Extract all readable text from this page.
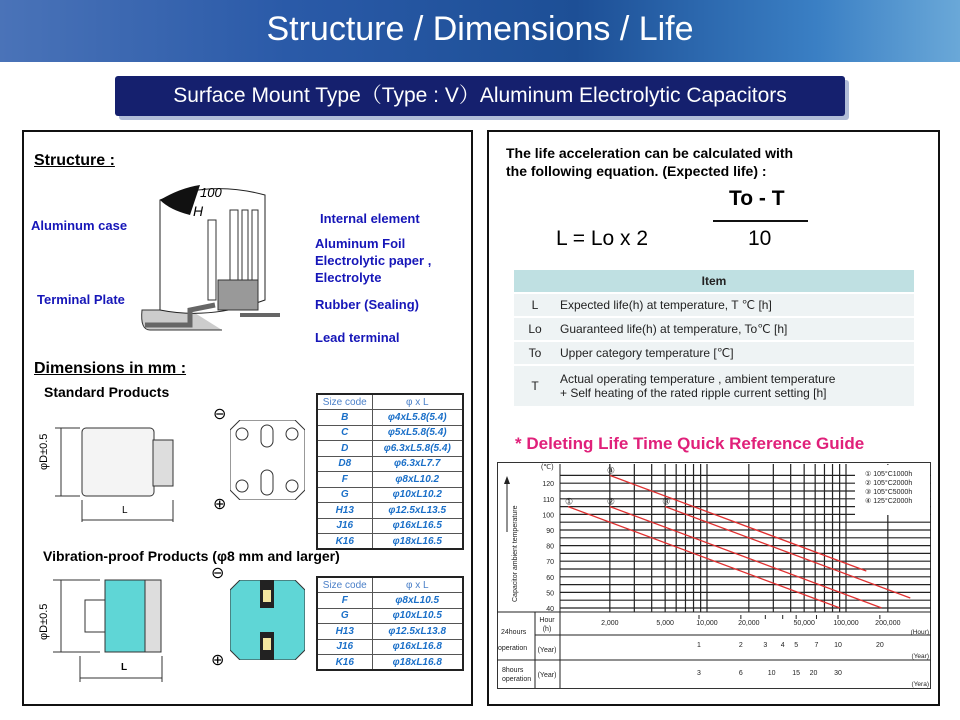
Structure / Dimensions / Life
Surface Mount Type（Type : V）Aluminum Electrolytic Capacitors
Structure :
100
H
Aluminum case	Internal element
Aluminum Foil
Electrolytic paper ,
Electrolyte
Terminal Plate	Rubber (Sealing)
Lead terminal
Dimensions in mm :
Standard Products
φD±0.5
L
⊖
⊕
Size code	φ x L
B	φ4xL5.8(5.4)
C	φ5xL5.8(5.4)
D	φ6.3xL5.8(5.4)
D8	φ6.3xL7.7
F	φ8xL10.2
G	φ10xL10.2
H13	φ12.5xL13.5
J16	φ16xL16.5
K16	φ18xL16.5
Vibration-proof Products (φ8 mm and larger)
φD±0.5
L
⊖
⊕
Size code	φ x L
F	φ8xL10.5
G	φ10xL10.5
H13	φ12.5xL13.8
J16	φ16xL16.8
K16	φ18xL16.8
The life acceleration can be calculated with
the following equation. (Expected life) :
To - T
L = Lo x 2	10
Item	
L	Expected life(h) at temperature, T ℃ [h]
Lo	Guaranteed life(h) at temperature, To℃ [h]
To	Upper category temperature [℃]
T	Actual operating temperature , ambient temperature
+ Self heating of the rated ripple current setting [h]
* Deleting Life Time Quick Reference Guide
① 105°C1000h
② 105°C2000h
③ 105°C5000h
④ 125°C2000h
40
50
60
70
80
90
100
110
120
(℃)
Capacitor ambient temperature
①	②	③
④
24hours
operation
8hours
operation
Hour
(h)
(Year)
(Year)
2,000	5,000	10,000	20,000	50,000	100,000 200,000
(Hour)
1	2	3 4 5 7 10	20
(Year)
3	6	10 15 20 30
(Yera)
